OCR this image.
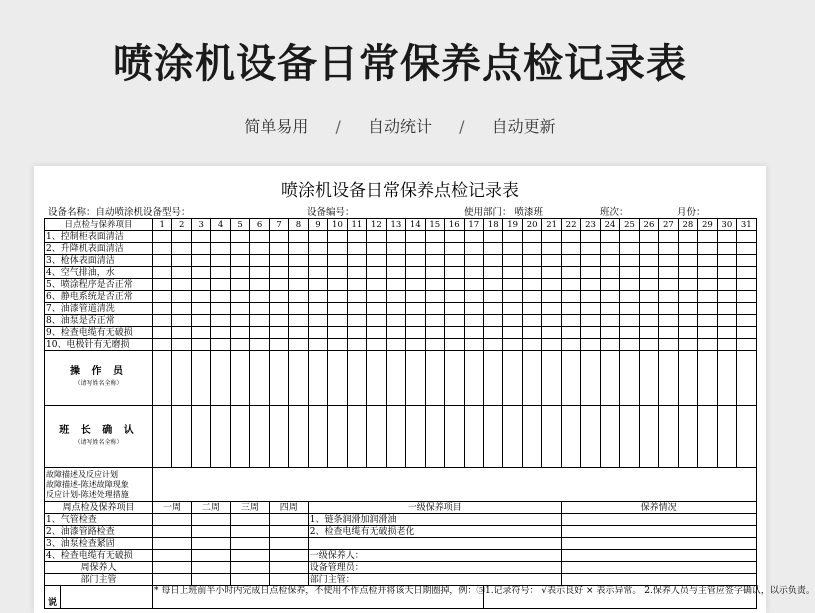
喷涂机设备日常保养点检记录表
简单易用 / 自动统计 / 自动更新
喷涂机设备日常保养点检记录表
设备名称：自动喷涂机设备型号：	设备编号：	使用部门： 喷漆班	班次：	月份：
日点检与保养项目	1	2	3	4	5	6	7	8	9	10	11	12	13	14	15	16	17	18	19	20	21	22	23	24	25	26	27	28	29	30	31
1、控制柜表面清洁																															
2、升降机表面清洁																															
3、枪体表面清洁																															
4、空气排油，水																															
5、喷涂程序是否正常																															
6、静电系统是否正常																															
7、油漆管道清洗																															
8、油泵是否正常																															
9、检查电缆有无破损																															
10、电极针有无磨损																															

操 作 员
（请写姓名全称）																															

班 长 确 认
（请写姓名全称）																															

故障描述及反应计划
故障描述-陈述故障现象
反应计划-陈述处理措施																															

周点检及保养项目	一周		二周		三周		四周		一级保养项目													保养情况									
1、气管检查									1、链条润滑加润滑油																						
2、油漆管路检查									2、检查电缆有无破损老化																						
3、油泵检查紧固																															
4、检查电缆有无破损									一级保养人：																						
周保养人									设备管理员：																						
部门主管									部门主管：																						

说	* 每日上班前半小时内完成日点检保养，不使用不作点检并将该天日期圈掉，例：⑤																	1.记录符号： √表示良好 × 表示异常。 2.保养人员与主管应签字确认，以示负责。													
